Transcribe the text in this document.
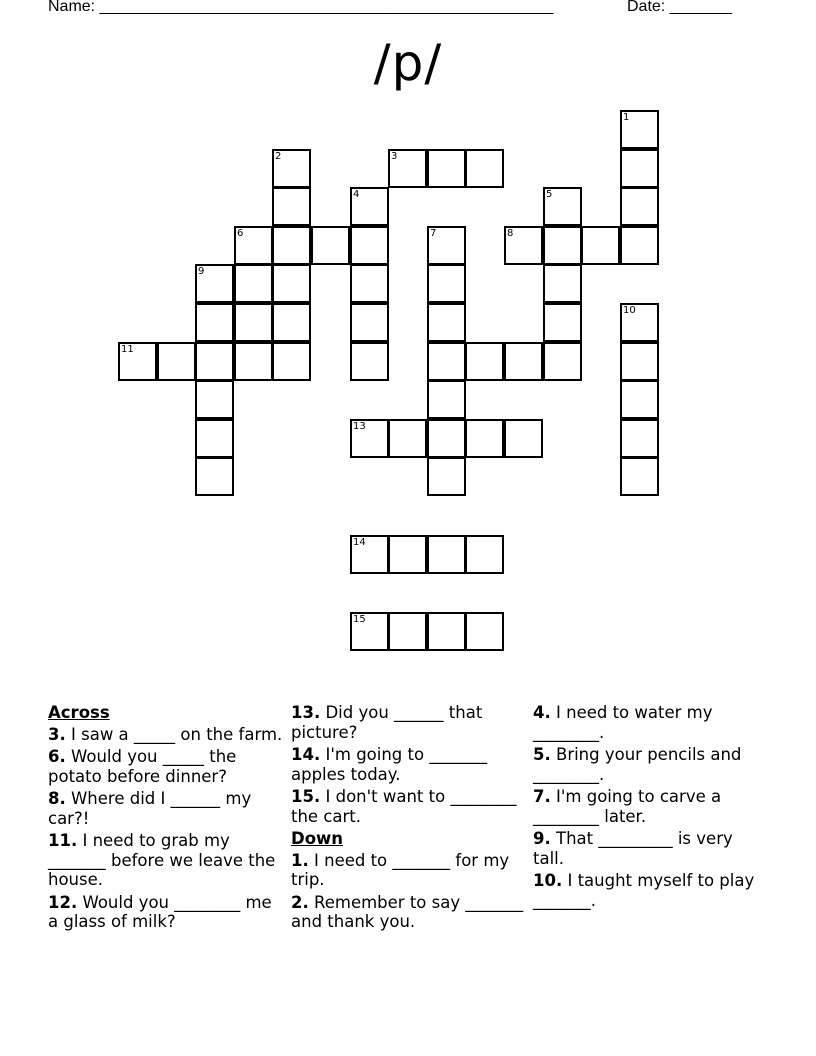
Name: ___________________________________________________	Date: _______
/p/
1
2	3
4	5
6	7	8
9
10
11
13
14
15
Across
3. I saw a _____ on the farm.
6. Would you _____ the potato before dinner?
8. Where did I ______ my car?!
11. I need to grab my _______ before we leave the house.
12. Would you ________ me a glass of milk?
13. Did you ______ that picture?
14. I'm going to _______ apples today.
15. I don't want to ________ the cart.
Down
1. I need to _______ for my trip.
2. Remember to say _______ and thank you.
4. I need to water my ________.
5. Bring your pencils and ________.
7. I'm going to carve a ________ later.
9. That _________ is very tall.
10. I taught myself to play _______.
